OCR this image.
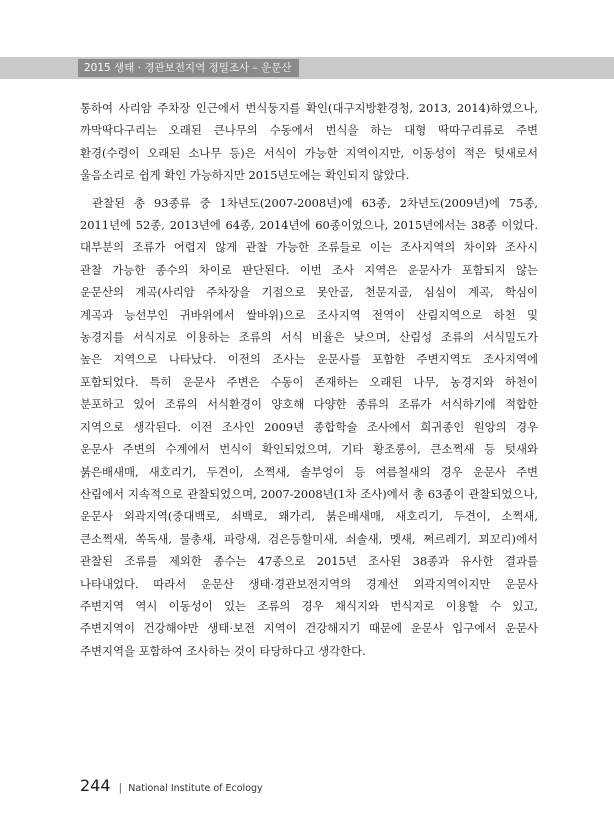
2015 생태 · 경관보전지역 정밀조사 – 운문산

통하여 사리암 주차장 인근에서 번식둥지를 확인(대구지방환경청, 2013, 2014)하였으나,

까막딱다구리는 오래된 큰나무의 수동에서 번식을 하는 대형 딱따구리류로 주변

환경(수령이 오래된 소나무 등)은 서식이 가능한 지역이지만, 이동성이 적은 텃새로서

울음소리로 쉽게 확인 가능하지만 2015년도에는 확인되지 않았다.

관찰된 총 93종류 중 1차년도(2007-2008년)에 63종, 2차년도(2009년)에 75종,

2011년에 52종, 2013년에 64종, 2014년에 60종이었으나, 2015년에서는 38종 이었다.

대부분의 조류가 어렵지 않게 관찰 가능한 조류들로 이는 조사지역의 차이와 조사시

관찰 가능한 종수의 차이로 판단된다. 이번 조사 지역은 운문사가 포함되지 않는

운문산의 계곡(사리암 주차장을 기점으로 못안골, 천문지골, 심심이 계곡, 학심이

계곡과 능선부인 귀바위에서 쌀바위)으로 조사지역 전역이 산림지역으로 하천 및

농경지를 서식지로 이용하는 조류의 서식 비율은 낮으며, 산림성 조류의 서식밀도가

높은 지역으로 나타났다. 이전의 조사는 운문사를 포함한 주변지역도 조사지역에

포함되었다. 특히 운문사 주변은 수동이 존재하는 오래된 나무, 농경지와 하천이

분포하고 있어 조류의 서식환경이 양호해 다양한 종류의 조류가 서식하기에 적합한

지역으로 생각된다. 이전 조사인 2009년 종합학술 조사에서 희귀종인 원앙의 경우

운문사 주변의 수계에서 번식이 확인되었으며, 기타 황조롱이, 큰소쩍새 등 텃새와

붉은배새매, 새호리기, 두견이, 소쩍새, 솔부엉이 등 여름철새의 경우 운문사 주변

산림에서 지속적으로 관찰되었으며, 2007-2008년(1차 조사)에서 총 63종이 관찰되었으나,

운문사 외곽지역(중대백로, 쇠백로, 왜가리, 붉은배새매, 새호리기, 두견이, 소쩍새,

큰소쩍새, 쏙독새, 물총새, 파랑새, 검은등할미새, 쇠솔새, 멧새, 쩌르레기, 꾀꼬리)에서

관찰된 조류를 제외한 종수는 47종으로 2015년 조사된 38종과 유사한 결과를

나타내었다. 따라서 운문산 생태·경관보전지역의 경계선 외곽지역이지만 운문사

주변지역 역시 이동성이 있는 조류의 경우 채식지와 번식지로 이용할 수 있고,

주변지역이 건강해야만 생태·보전 지역이 건강해지기 때문에 운문사 입구에서 운문사

주변지역을 포함하여 조사하는 것이 타당하다고 생각한다.

244 | National Institute of Ecology
